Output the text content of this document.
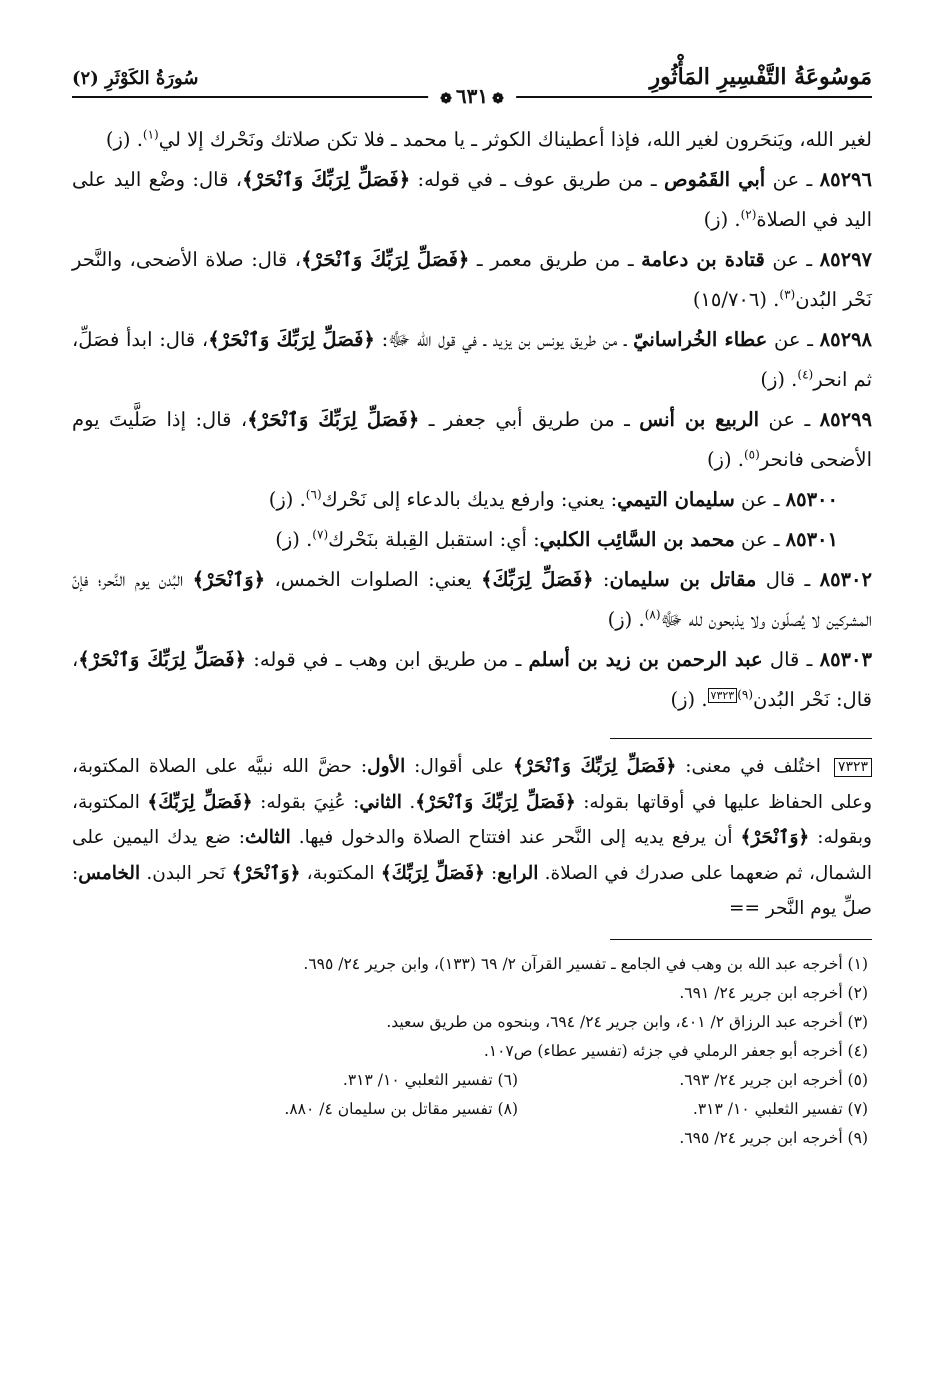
مَوسُوعَةُ التَّفْسِيرِ المَأْثُورِ
سُورَةُ الكَوْثَرِ (٢)
❁٦٣١❁

لغير الله، ويَنحَرون لغير الله، فإذا أعطيناك الكوثر ـ يا محمد ـ فلا تكن صلاتك ونَحْرك إلا لي$^{(١)}$. (ز)

٨٥٢٩٦ ـ عن أبي القَمُوص ـ من طريق عوف ـ في قوله: ﴿فَصَلِّ لِرَبِّكَ وَٱنْحَرْ﴾، قال: وضْع اليد على اليد في الصلاة$^{(٢)}$. (ز)

٨٥٢٩٧ ـ عن قتادة بن دعامة ـ من طريق معمر ـ ﴿فَصَلِّ لِرَبِّكَ وَٱنْحَرْ﴾، قال: صلاة الأضحى، والنَّحر نَحْر البُدن$^{(٣)}$. (١٥/٧٠٦)

٨٥٢٩٨ ـ عن عطاء الخُراسانيّ ـ من طريق يونس بن يزيد ـ في قول الله ﷻ: ﴿فَصَلِّ لِرَبِّكَ وَٱنْحَرْ﴾، قال: ابدأ فصَلِّ، ثم انحر$^{(٤)}$. (ز)

٨٥٢٩٩ ـ عن الربيع بن أنس ـ من طريق أبي جعفر ـ ﴿فَصَلِّ لِرَبِّكَ وَٱنْحَرْ﴾، قال: إذا صَلَّيتَ يوم الأضحى فانحر$^{(٥)}$. (ز)

٨٥٣٠٠ ـ عن سليمان التيمي: يعني: وارفع يديك بالدعاء إلى نَحْرك$^{(٦)}$. (ز)

٨٥٣٠١ ـ عن محمد بن السَّائِب الكلبي: أي: استقبل القِبلة بنَحْرك$^{(٧)}$. (ز)

٨٥٣٠٢ ـ قال مقاتل بن سليمان: ﴿فَصَلِّ لِرَبِّكَ﴾ يعني: الصلوات الخمس، ﴿وَٱنْحَرْ﴾ البُدن يوم النَّحر؛ فإنّ المشركين لا يُصلّون ولا يذبحون لله ﷻ$^{(٨)}$. (ز)

٨٥٣٠٣ ـ قال عبد الرحمن بن زيد بن أسلم ـ من طريق ابن وهب ـ في قوله: ﴿فَصَلِّ لِرَبِّكَ وَٱنْحَرْ﴾، قال: نَحْر البُدن$^{(٩)٧٣٢٣}$. (ز)

٧٣٢٣ اختُلف في معنى: ﴿فَصَلِّ لِرَبِّكَ وَٱنْحَرْ﴾ على أقوال: الأول: حضَّ الله نبيَّه على الصلاة المكتوبة، وعلى الحفاظ عليها في أوقاتها بقوله: ﴿فَصَلِّ لِرَبِّكَ وَٱنْحَرْ﴾. الثاني: عُنِيَ بقوله: ﴿فَصَلِّ لِرَبِّكَ﴾ المكتوبة، وبقوله: ﴿وَٱنْحَرْ﴾ أن يرفع يديه إلى النَّحر عند افتتاح الصلاة والدخول فيها. الثالث: ضع يدك اليمين على الشمال، ثم ضعهما على صدرك في الصلاة. الرابع: ﴿فَصَلِّ لِرَبِّكَ﴾ المكتوبة، ﴿وَٱنْحَرْ﴾ نَحر البدن. الخامس: صلِّ يوم النَّحر ==
(١) أخرجه عبد الله بن وهب في الجامع ـ تفسير القرآن ٢/ ٦٩ (١٣٣)، وابن جرير ٢٤/ ٦٩٥.
(٢) أخرجه ابن جرير ٢٤/ ٦٩١.
(٣) أخرجه عبد الرزاق ٢/ ٤٠١، وابن جرير ٢٤/ ٦٩٤، وبنحوه من طريق سعيد.
(٤) أخرجه أبو جعفر الرملي في جزئه (تفسير عطاء) ص١٠٧.
(٥) أخرجه ابن جرير ٢٤/ ٦٩٣.
(٦) تفسير الثعلبي ١٠/ ٣١٣.
(٧) تفسير الثعلبي ١٠/ ٣١٣.
(٨) تفسير مقاتل بن سليمان ٤/ ٨٨٠.
(٩) أخرجه ابن جرير ٢٤/ ٦٩٥.
